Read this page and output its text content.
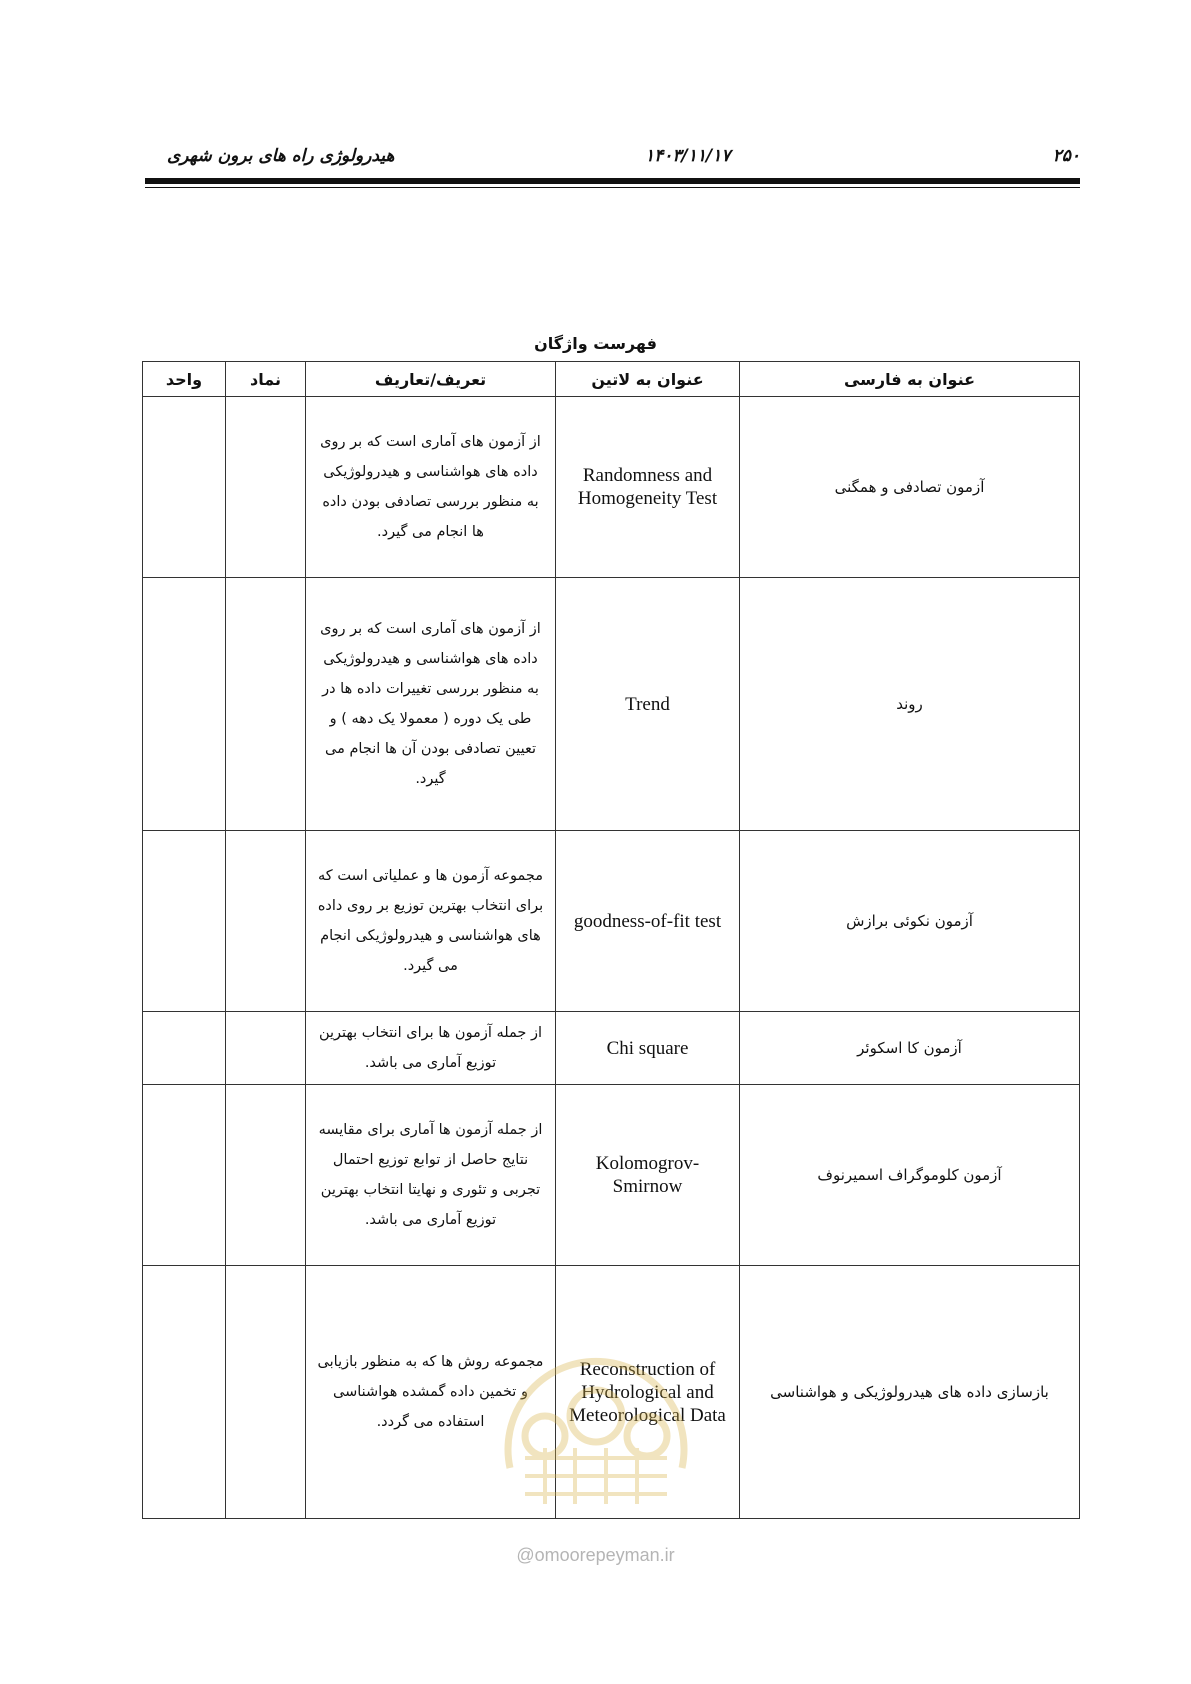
۲۵۰
۱۴۰۳/۱۱/۱۷
هیدرولوژی راه های برون شهری
فهرست واژگان
عنوان به فارسی	عنوان به لاتین	تعریف/تعاریف	نماد	واحد
آزمون تصادفی و همگنی	Randomness and Homogeneity Test	از آزمون های آماری است که بر روی داده های هواشناسی و هیدرولوژیکی به منظور بررسی تصادفی بودن داده ها انجام می گیرد.		
روند	Trend	از آزمون های آماری است که بر روی داده های هواشناسی و هیدرولوژیکی به منظور بررسی تغییرات داده ها در طی یک دوره ( معمولا یک دهه ) و تعیین تصادفی بودن آن ها انجام می گیرد.		
آزمون نکوئی برازش	goodness-of-fit test	مجموعه آزمون ها و عملیاتی است که برای انتخاب بهترین توزیع بر روی داده های هواشناسی و هیدرولوژیکی انجام می گیرد.		
آزمون کا اسکوئر	Chi square	از جمله آزمون ها برای انتخاب بهترین توزیع آماری می باشد.		
آزمون کلوموگراف اسمیرنوف	Kolomogrov-Smirnow	از جمله آزمون ها آماری برای مقایسه نتایج حاصل از توابع توزیع احتمال تجربی و تئوری و نهایتا انتخاب بهترین توزیع آماری می باشد.		
بازسازی داده های هیدرولوژیکی و هواشناسی	Reconstruction of Hydrological and Meteorological Data	مجموعه روش ها که به منظور بازیابی و تخمین داده گمشده هواشناسی استفاده می گردد.		
@omoorepeyman.ir
